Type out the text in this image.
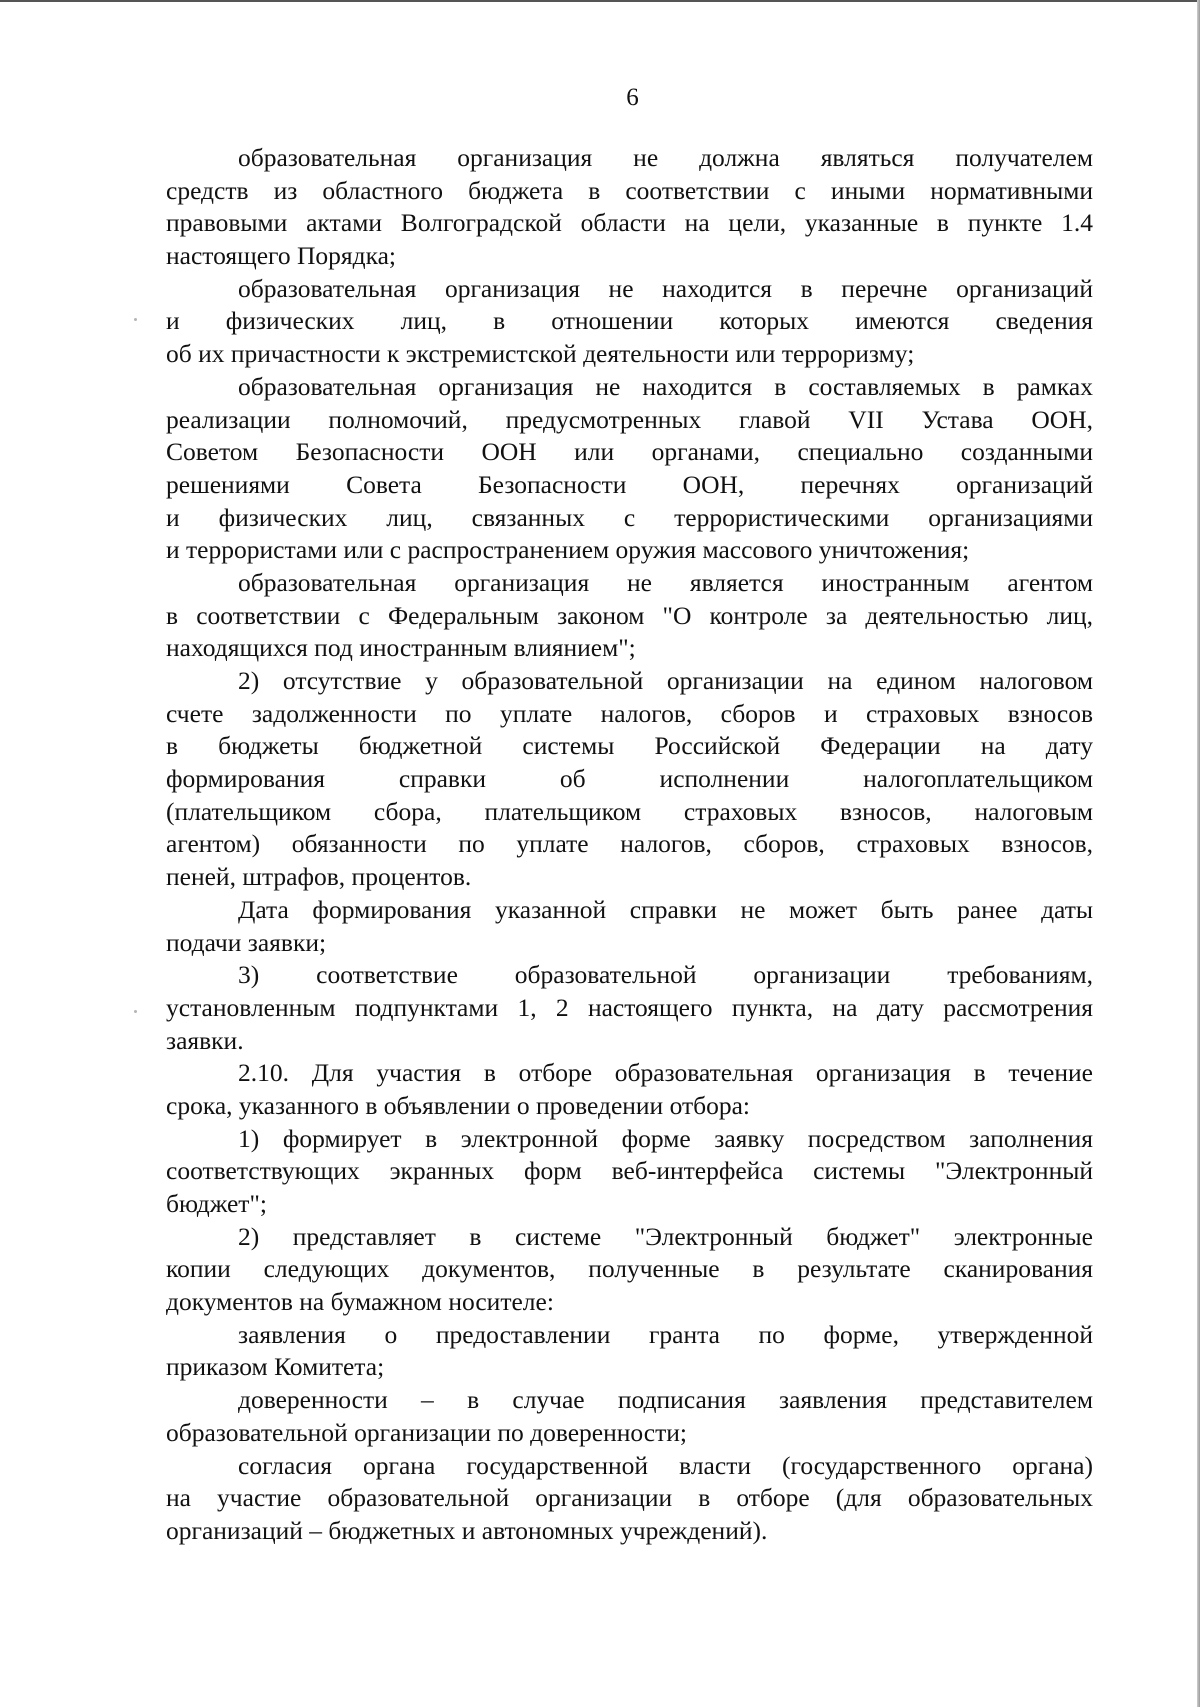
6
образовательная организация не должна являться получателем
средств из областного бюджета в соответствии с иными нормативными
правовыми актами Волгоградской области на цели, указанные в пункте 1.4
настоящего Порядка;
образовательная организация не находится в перечне организаций
и физических лиц, в отношении которых имеются сведения
об их причастности к экстремистской деятельности или терроризму;
образовательная организация не находится в составляемых в рамках
реализации полномочий, предусмотренных главой VII Устава ООН,
Советом Безопасности ООН или органами, специально созданными
решениями Совета Безопасности ООН, перечнях организаций
и физических лиц, связанных с террористическими организациями
и террористами или с распространением оружия массового уничтожения;
образовательная организация не является иностранным агентом
в соответствии с Федеральным законом "О контроле за деятельностью лиц,
находящихся под иностранным влиянием";
2) отсутствие у образовательной организации на едином налоговом
счете задолженности по уплате налогов, сборов и страховых взносов
в бюджеты бюджетной системы Российской Федерации на дату
формирования справки об исполнении налогоплательщиком
(плательщиком сбора, плательщиком страховых взносов, налоговым
агентом) обязанности по уплате налогов, сборов, страховых взносов,
пеней, штрафов, процентов.
Дата формирования указанной справки не может быть ранее даты
подачи заявки;
3) соответствие образовательной организации требованиям,
установленным подпунктами 1, 2 настоящего пункта, на дату рассмотрения
заявки.
2.10. Для участия в отборе образовательная организация в течение
срока, указанного в объявлении о проведении отбора:
1) формирует в электронной форме заявку посредством заполнения
соответствующих экранных форм веб-интерфейса системы "Электронный
бюджет";
2) представляет в системе "Электронный бюджет" электронные
копии следующих документов, полученные в результате сканирования
документов на бумажном носителе:
заявления о предоставлении гранта по форме, утвержденной
приказом Комитета;
доверенности – в случае подписания заявления представителем
образовательной организации по доверенности;
согласия органа государственной власти (государственного органа)
на участие образовательной организации в отборе (для образовательных
организаций – бюджетных и автономных учреждений).
